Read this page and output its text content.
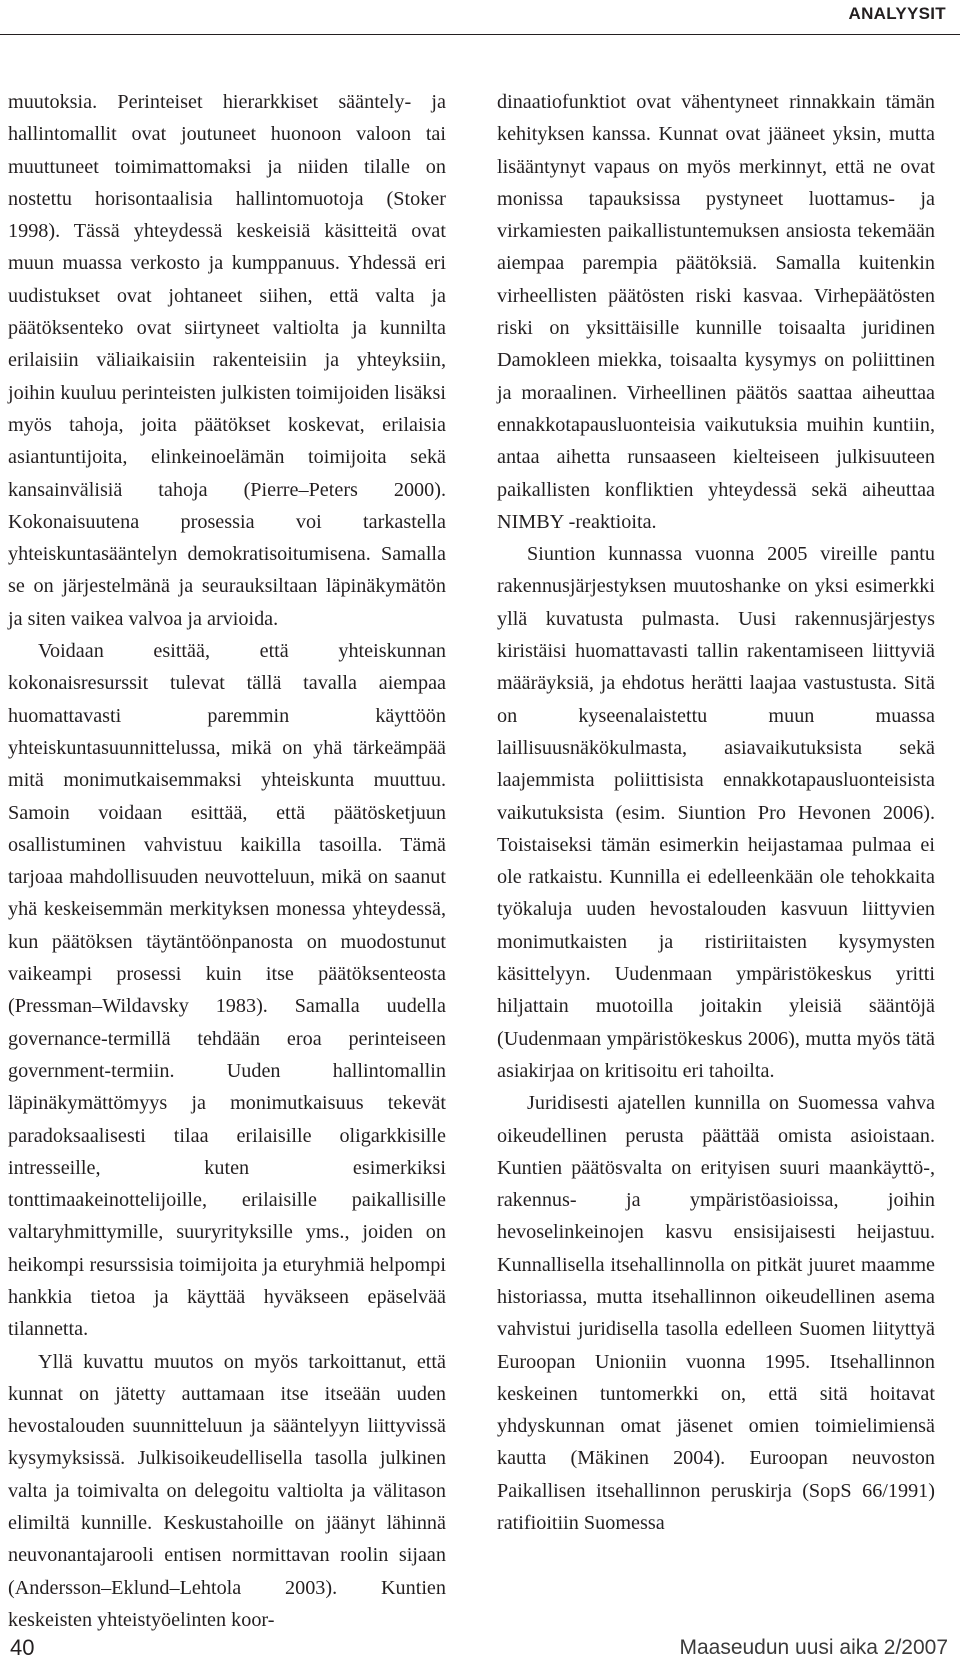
ANALYYSIT

muutoksia. Perinteiset hierarkkiset sääntely- ja hallintomallit ovat joutuneet huonoon valoon tai muuttuneet toimimattomaksi ja niiden tilalle on nostettu horisontaalisia hallintomuotoja (Stoker 1998). Tässä yhteydessä keskeisiä käsitteitä ovat muun muassa verkosto ja kumppanuus. Yhdessä eri uudistukset ovat johtaneet siihen, että valta ja päätöksenteko ovat siirtyneet valtiolta ja kunnilta erilaisiin väliaikaisiin rakenteisiin ja yhteyksiin, joihin kuuluu perinteisten julkisten toimijoiden lisäksi myös tahoja, joita päätökset koskevat, erilaisia asiantuntijoita, elinkeinoelämän toimijoita sekä kansainvälisiä tahoja (Pierre–Peters 2000). Kokonaisuutena prosessia voi tarkastella yhteiskuntasääntelyn demokratisoitumisena. Samalla se on järjestelmänä ja seurauksiltaan läpinäkymätön ja siten vaikea valvoa ja arvioida.

Voidaan esittää, että yhteiskunnan kokonaisresurssit tulevat tällä tavalla aiempaa huomattavasti paremmin käyttöön yhteiskuntasuunnittelussa, mikä on yhä tärkeämpää mitä monimutkaisemmaksi yhteiskunta muuttuu. Samoin voidaan esittää, että päätösketjuun osallistuminen vahvistuu kaikilla tasoilla. Tämä tarjoaa mahdollisuuden neuvotteluun, mikä on saanut yhä keskeisemmän merkityksen monessa yhteydessä, kun päätöksen täytäntöönpanosta on muodostunut vaikeampi prosessi kuin itse päätöksenteosta (Pressman–Wildavsky 1983). Samalla uudella governance-termillä tehdään eroa perinteiseen government-termiin. Uuden hallintomallin läpinäkymättömyys ja monimutkaisuus tekevät paradoksaalisesti tilaa erilaisille oligarkkisille intresseille, kuten esimerkiksi tonttimaakeinottelijoille, erilaisille paikallisille valtaryhmittymille, suuryrityksille yms., joiden on heikompi resurssisia toimijoita ja eturyhmiä helpompi hankkia tietoa ja käyttää hyväkseen epäselvää tilannetta.

Yllä kuvattu muutos on myös tarkoittanut, että kunnat on jätetty auttamaan itse itseään uuden hevostalouden suunnitteluun ja sääntelyyn liittyvissä kysymyksissä. Julkisoikeudellisella tasolla julkinen valta ja toimivalta on delegoitu valtiolta ja välitason elimiltä kunnille. Keskustahoille on jäänyt lähinnä neuvonantajarooli entisen normittavan roolin sijaan (Andersson–Eklund–Lehtola 2003). Kuntien keskeisten yhteistyöelinten koor-

dinaatiofunktiot ovat vähentyneet rinnakkain tämän kehityksen kanssa. Kunnat ovat jääneet yksin, mutta lisääntynyt vapaus on myös merkinnyt, että ne ovat monissa tapauksissa pystyneet luottamus- ja virkamiesten paikallistuntemuksen ansiosta tekemään aiempaa parempia päätöksiä. Samalla kuitenkin virheellisten päätösten riski kasvaa. Virhepäätösten riski on yksittäisille kunnille toisaalta juridinen Damokleen miekka, toisaalta kysymys on poliittinen ja moraalinen. Virheellinen päätös saattaa aiheuttaa ennakkotapausluonteisia vaikutuksia muihin kuntiin, antaa aihetta runsaaseen kielteiseen julkisuuteen paikallisten konfliktien yhteydessä sekä aiheuttaa NIMBY -reaktioita.

Siuntion kunnassa vuonna 2005 vireille pantu rakennusjärjestyksen muutoshanke on yksi esimerkki yllä kuvatusta pulmasta. Uusi rakennusjärjestys kiristäisi huomattavasti tallin rakentamiseen liittyviä määräyksiä, ja ehdotus herätti laajaa vastustusta. Sitä on kyseenalaistettu muun muassa laillisuusnäkökulmasta, asiavaikutuksista sekä laajemmista poliittisista ennakkotapausluonteisista vaikutuksista (esim. Siuntion Pro Hevonen 2006). Toistaiseksi tämän esimerkin heijastamaa pulmaa ei ole ratkaistu. Kunnilla ei edelleenkään ole tehokkaita työkaluja uuden hevostalouden kasvuun liittyvien monimutkaisten ja ristiriitaisten kysymysten käsittelyyn. Uudenmaan ympäristökeskus yritti hiljattain muotoilla joitakin yleisiä sääntöjä (Uudenmaan ympäristökeskus 2006), mutta myös tätä asiakirjaa on kritisoitu eri tahoilta.

Juridisesti ajatellen kunnilla on Suomessa vahva oikeudellinen perusta päättää omista asioistaan. Kuntien päätösvalta on erityisen suuri maankäyttö-, rakennus- ja ympäristöasioissa, joihin hevoselinkeinojen kasvu ensisijaisesti heijastuu. Kunnallisella itsehallinnolla on pitkät juuret maamme historiassa, mutta itsehallinnon oikeudellinen asema vahvistui juridisella tasolla edelleen Suomen liityttyä Euroopan Unioniin vuonna 1995. Itsehallinnon keskeinen tuntomerkki on, että sitä hoitavat yhdyskunnan omat jäsenet omien toimielimiensä kautta (Mäkinen 2004). Euroopan neuvoston Paikallisen itsehallinnon peruskirja (SopS 66/1991) ratifioitiin Suomessa

40	Maaseudun uusi aika 2/2007
